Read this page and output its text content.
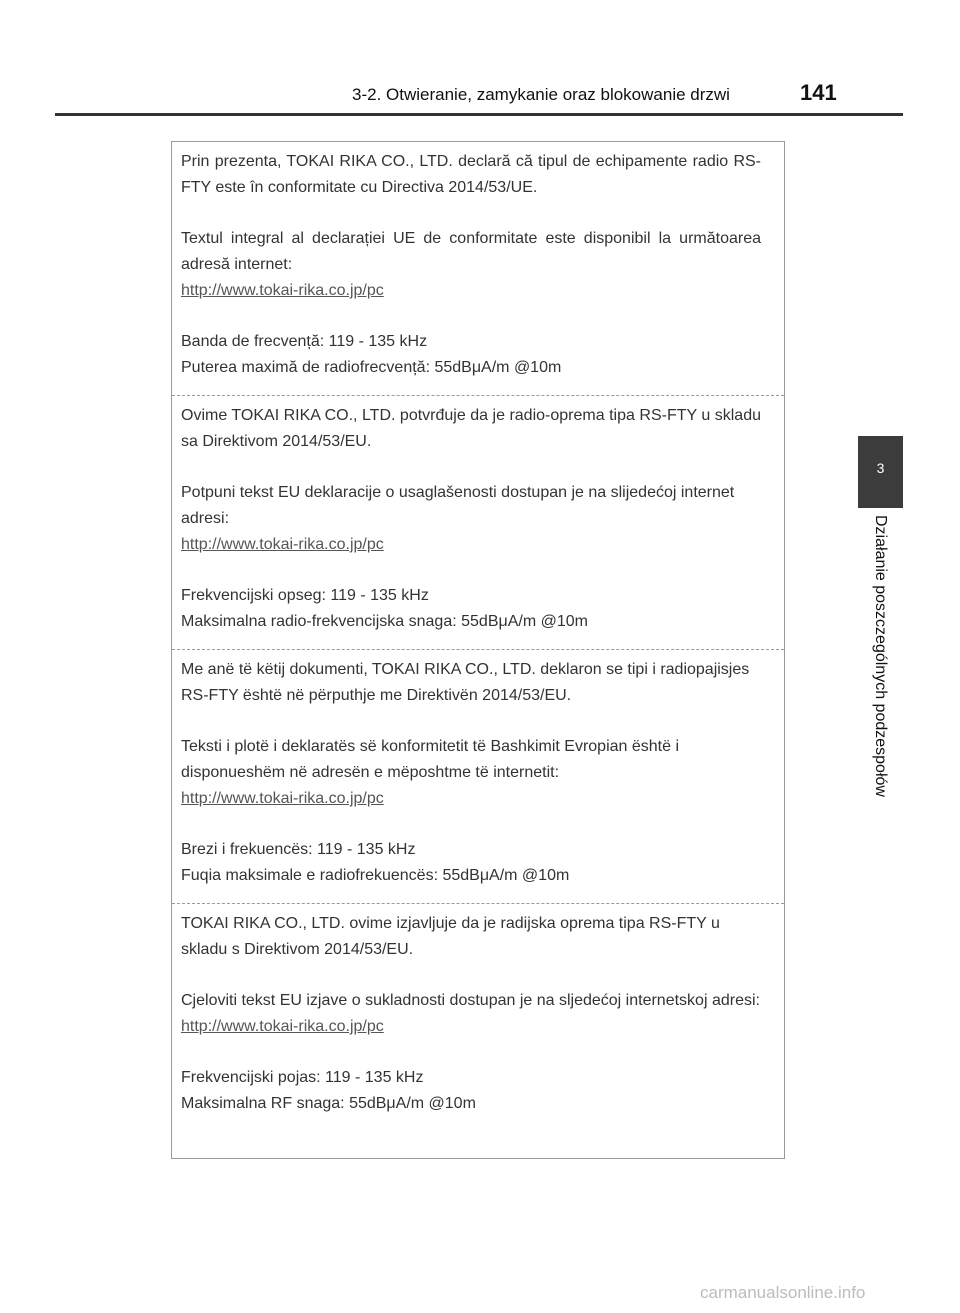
3-2. Otwieranie, zamykanie oraz blokowanie drzwi	141
3
Działanie poszczególnych podzespołów

Prin prezenta, TOKAI RIKA CO., LTD. declară că tipul de echipamente radio RS-FTY este în conformitate cu Directiva 2014/53/UE.

Textul integral al declarației UE de conformitate este disponibil la următoarea adresă internet:

http://www.tokai-rika.co.jp/pc

Banda de frecvență: 119 - 135 kHz

Puterea maximă de radiofrecvență: 55dBμA/m @10m

Ovime TOKAI RIKA CO., LTD. potvrđuje da je radio-oprema tipa RS-FTY u skladu sa Direktivom 2014/53/EU.

Potpuni tekst EU deklaracije o usaglašenosti dostupan je na slijedećoj internet adresi:

http://www.tokai-rika.co.jp/pc

Frekvencijski opseg: 119 - 135 kHz

Maksimalna radio-frekvencijska snaga: 55dBμA/m @10m

Me anë të këtij dokumenti, TOKAI RIKA CO., LTD. deklaron se tipi i radiopajisjes RS-FTY është në përputhje me Direktivën 2014/53/EU.

Teksti i plotë i deklaratës së konformitetit të Bashkimit Evropian është i disponueshëm në adresën e mëposhtme të internetit:

http://www.tokai-rika.co.jp/pc

Brezi i frekuencës: 119 - 135 kHz

Fuqia maksimale e radiofrekuencës: 55dBμA/m @10m

TOKAI RIKA CO., LTD. ovime izjavljuje da je radijska oprema tipa RS-FTY u skladu s Direktivom 2014/53/EU.

Cjeloviti tekst EU izjave o sukladnosti dostupan je na sljedećoj internetskoj adresi:

http://www.tokai-rika.co.jp/pc

Frekvencijski pojas: 119 - 135 kHz

Maksimalna RF snaga: 55dBμA/m @10m

carmanualsonline.info
